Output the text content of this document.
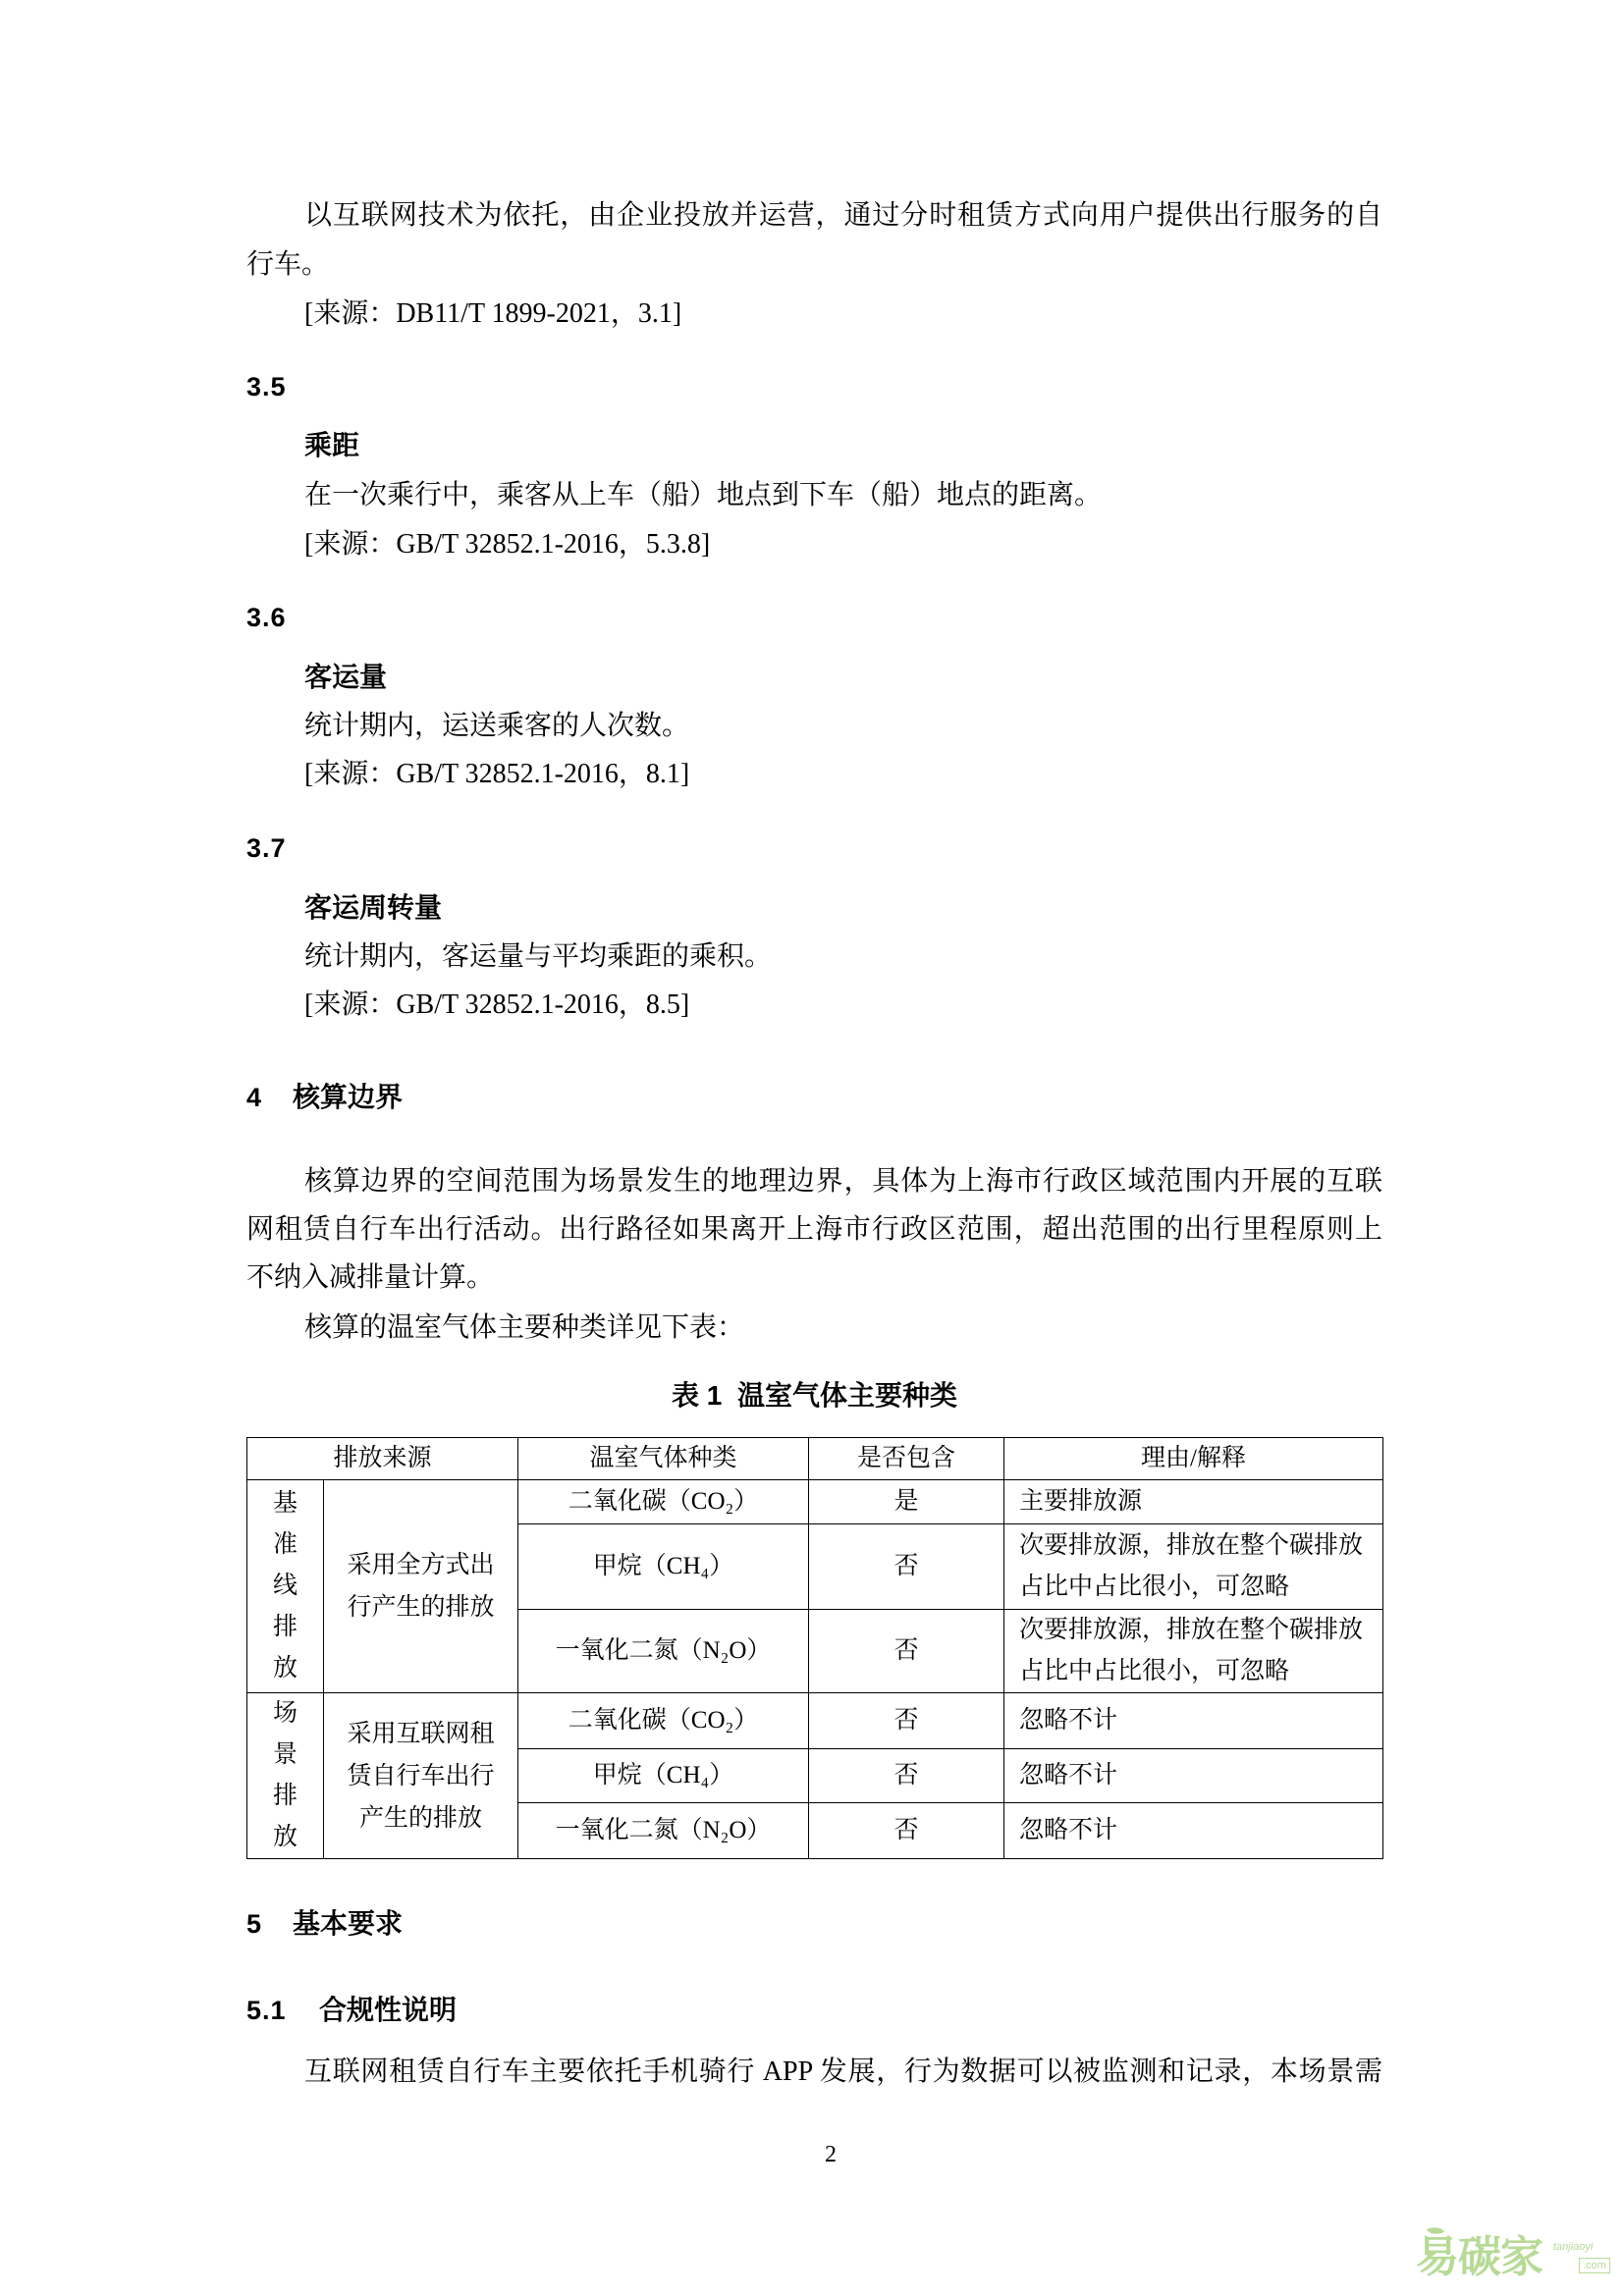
以互联网技术为依托，由企业投放并运营，通过分时租赁方式向用户提供出行服务的自
行车。
[来源：DB11/T 1899-2021，3.1]
3.5
乘距
在一次乘行中，乘客从上车（船）地点到下车（船）地点的距离。
[来源：GB/T 32852.1-2016，5.3.8]
3.6
客运量
统计期内，运送乘客的人次数。
[来源：GB/T 32852.1-2016，8.1]
3.7
客运周转量
统计期内，客运量与平均乘距的乘积。
[来源：GB/T 32852.1-2016，8.5]
4 核算边界
核算边界的空间范围为场景发生的地理边界，具体为上海市行政区域范围内开展的互联
网租赁自行车出行活动。出行路径如果离开上海市行政区范围，超出范围的出行里程原则上
不纳入减排量计算。
核算的温室气体主要种类详见下表：
表 1  温室气体主要种类
排放来源		温室气体种类	是否包含	理由/解释

基准线排放	采用全方式出行产生的排放	二氧化碳（CO₂）	是	主要排放源

		甲烷（CH₄）	否	次要排放源，排放在整个碳排放占比中占比很小，可忽略

		一氧化二氮（N₂O）	否	次要排放源，排放在整个碳排放占比中占比很小，可忽略

场景排放	采用互联网租赁自行车出行产生的排放	二氧化碳（CO₂）	否	忽略不计

		甲烷（CH₄）	否	忽略不计

		一氧化二氮（N₂O）	否	忽略不计
5 基本要求
5.1 合规性说明
互联网租赁自行车主要依托手机骑行 APP 发展，行为数据可以被监测和记录，本场景需
2
易碳家 tanjiaoyi
.com
